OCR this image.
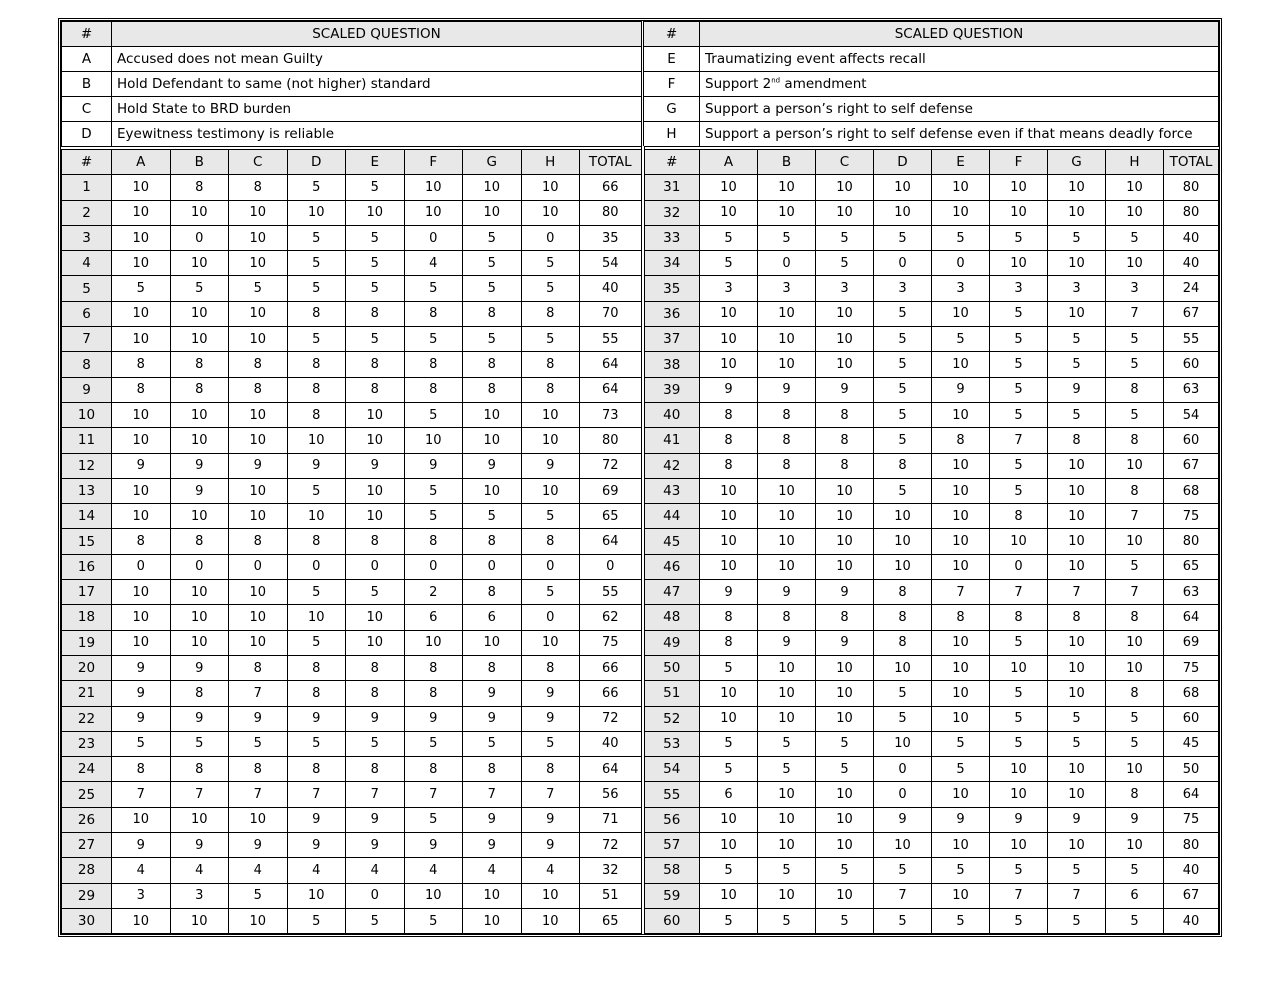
#	SCALED QUESTION	#	SCALED QUESTION
A	Accused does not mean Guilty	E	Traumatizing event affects recall
B	Hold Defendant to same (not higher) standard	F	Support 2nd amendment
C	Hold State to BRD burden	G	Support a person’s right to self defense
D	Eyewitness testimony is reliable	H	Support a person’s right to self defense even if that means deadly force
#	A	B	C	D	E	F	G	H	TOTAL	#	A	B	C	D	E	F	G	H	TOTAL
1	10	8	8	5	5	10	10	10	66	31	10	10	10	10	10	10	10	10	80
2	10	10	10	10	10	10	10	10	80	32	10	10	10	10	10	10	10	10	80
3	10	0	10	5	5	0	5	0	35	33	5	5	5	5	5	5	5	5	40
4	10	10	10	5	5	4	5	5	54	34	5	0	5	0	0	10	10	10	40
5	5	5	5	5	5	5	5	5	40	35	3	3	3	3	3	3	3	3	24
6	10	10	10	8	8	8	8	8	70	36	10	10	10	5	10	5	10	7	67
7	10	10	10	5	5	5	5	5	55	37	10	10	10	5	5	5	5	5	55
8	8	8	8	8	8	8	8	8	64	38	10	10	10	5	10	5	5	5	60
9	8	8	8	8	8	8	8	8	64	39	9	9	9	5	9	5	9	8	63
10	10	10	10	8	10	5	10	10	73	40	8	8	8	5	10	5	5	5	54
11	10	10	10	10	10	10	10	10	80	41	8	8	8	5	8	7	8	8	60
12	9	9	9	9	9	9	9	9	72	42	8	8	8	8	10	5	10	10	67
13	10	9	10	5	10	5	10	10	69	43	10	10	10	5	10	5	10	8	68
14	10	10	10	10	10	5	5	5	65	44	10	10	10	10	10	8	10	7	75
15	8	8	8	8	8	8	8	8	64	45	10	10	10	10	10	10	10	10	80
16	0	0	0	0	0	0	0	0	0	46	10	10	10	10	10	0	10	5	65
17	10	10	10	5	5	2	8	5	55	47	9	9	9	8	7	7	7	7	63
18	10	10	10	10	10	6	6	0	62	48	8	8	8	8	8	8	8	8	64
19	10	10	10	5	10	10	10	10	75	49	8	9	9	8	10	5	10	10	69
20	9	9	8	8	8	8	8	8	66	50	5	10	10	10	10	10	10	10	75
21	9	8	7	8	8	8	9	9	66	51	10	10	10	5	10	5	10	8	68
22	9	9	9	9	9	9	9	9	72	52	10	10	10	5	10	5	5	5	60
23	5	5	5	5	5	5	5	5	40	53	5	5	5	10	5	5	5	5	45
24	8	8	8	8	8	8	8	8	64	54	5	5	5	0	5	10	10	10	50
25	7	7	7	7	7	7	7	7	56	55	6	10	10	0	10	10	10	8	64
26	10	10	10	9	9	5	9	9	71	56	10	10	10	9	9	9	9	9	75
27	9	9	9	9	9	9	9	9	72	57	10	10	10	10	10	10	10	10	80
28	4	4	4	4	4	4	4	4	32	58	5	5	5	5	5	5	5	5	40
29	3	3	5	10	0	10	10	10	51	59	10	10	10	7	10	7	7	6	67
30	10	10	10	5	5	5	10	10	65	60	5	5	5	5	5	5	5	5	40
